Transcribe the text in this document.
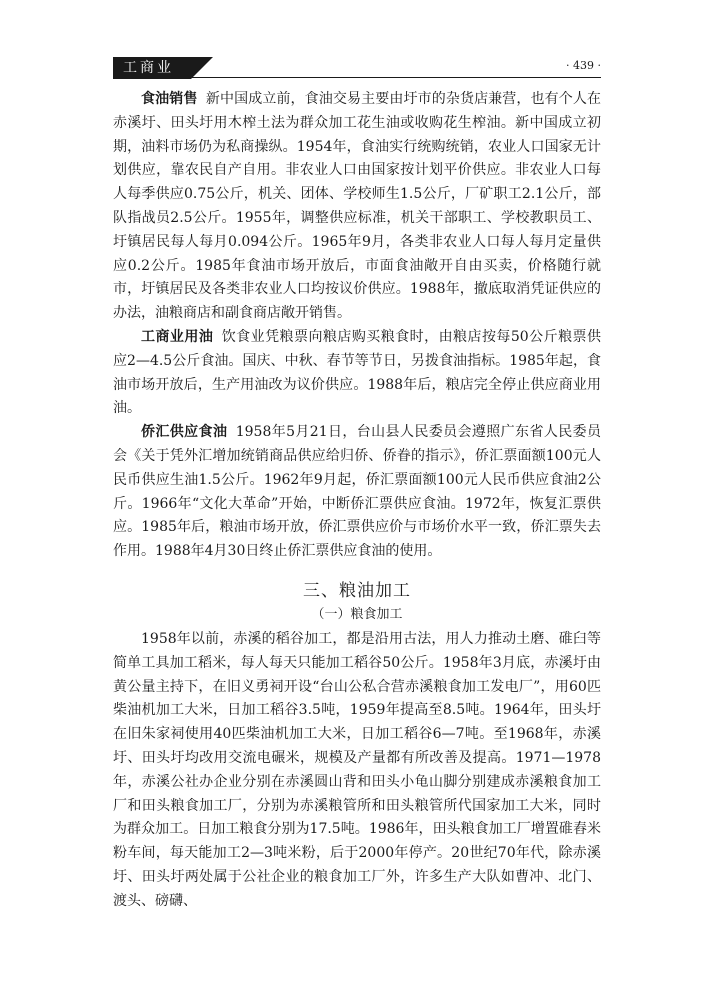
工商业	· 439 ·

食油销售 新中国成立前，食油交易主要由圩市的杂货店兼营，也有个人在赤溪圩、田头圩用木榨土法为群众加工花生油或收购花生榨油。新中国成立初期，油料市场仍为私商操纵。1954年，食油实行统购统销，农业人口国家无计划供应，靠农民自产自用。非农业人口由国家按计划平价供应。非农业人口每人每季供应0.75公斤，机关、团体、学校师生1.5公斤，厂矿职工2.1公斤，部队指战员2.5公斤。1955年，调整供应标准，机关干部职工、学校教职员工、圩镇居民每人每月0.094公斤。1965年9月，各类非农业人口每人每月定量供应0.2公斤。1985年食油市场开放后，市面食油敞开自由买卖，价格随行就市，圩镇居民及各类非农业人口均按议价供应。1988年，撤底取消凭证供应的办法，油粮商店和副食商店敞开销售。

工商业用油 饮食业凭粮票向粮店购买粮食时，由粮店按每50公斤粮票供应2—4.5公斤食油。国庆、中秋、春节等节日，另拨食油指标。1985年起，食油市场开放后，生产用油改为议价供应。1988年后，粮店完全停止供应商业用油。

侨汇供应食油 1958年5月21日，台山县人民委员会遵照广东省人民委员会《关于凭外汇增加统销商品供应给归侨、侨眷的指示》，侨汇票面额100元人民币供应生油1.5公斤。1962年9月起，侨汇票面额100元人民币供应食油2公斤。1966年“文化大革命”开始，中断侨汇票供应食油。1972年，恢复汇票供应。1985年后，粮油市场开放，侨汇票供应价与市场价水平一致，侨汇票失去作用。1988年4月30日终止侨汇票供应食油的使用。

三、粮油加工

（一）粮食加工

1958年以前，赤溪的稻谷加工，都是沿用古法，用人力推动土磨、碓臼等简单工具加工稻米，每人每天只能加工稻谷50公斤。1958年3月底，赤溪圩由黄公量主持下，在旧义勇祠开设“台山公私合营赤溪粮食加工发电厂”，用60匹柴油机加工大米，日加工稻谷3.5吨，1959年提高至8.5吨。1964年，田头圩在旧朱家祠使用40匹柴油机加工大米，日加工稻谷6—7吨。至1968年，赤溪圩、田头圩均改用交流电碾米，规模及产量都有所改善及提高。1971—1978年，赤溪公社办企业分别在赤溪圆山背和田头小龟山脚分别建成赤溪粮食加工厂和田头粮食加工厂，分别为赤溪粮管所和田头粮管所代国家加工大米，同时为群众加工。日加工粮食分别为17.5吨。1986年，田头粮食加工厂增置碓舂米粉车间，每天能加工2—3吨米粉，后于2000年停产。20世纪70年代，除赤溪圩、田头圩两处属于公社企业的粮食加工厂外，许多生产大队如曹冲、北门、渡头、磅礴、
